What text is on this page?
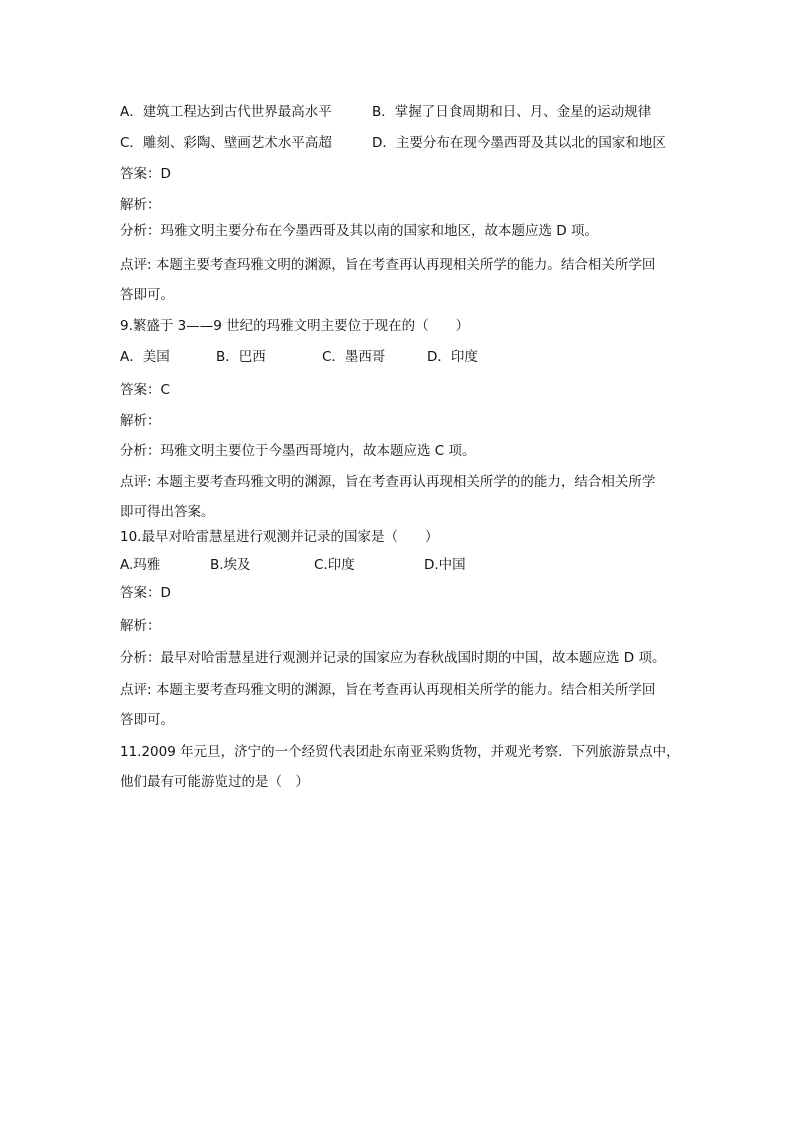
A．建筑工程达到古代世界最高水平	B．掌握了日食周期和日、月、金星的运动规律
C．雕刻、彩陶、壁画艺术水平高超	D．主要分布在现今墨西哥及其以北的国家和地区
答案：D
解析：
分析：玛雅文明主要分布在今墨西哥及其以南的国家和地区，故本题应选 D 项。
点评: 本题主要考查玛雅文明的渊源，旨在考查再认再现相关所学的能力。结合相关所学回
答即可。
9.繁盛于 3——9 世纪的玛雅文明主要位于现在的（　　）
A．美国	B．巴西	C．墨西哥	D．印度
答案：C
解析：
分析：玛雅文明主要位于今墨西哥境内，故本题应选 C 项。
点评: 本题主要考查玛雅文明的渊源，旨在考查再认再现相关所学的的能力，结合相关所学
即可得出答案。
10.最早对哈雷慧星进行观测并记录的国家是（　　）
A.玛雅	B.埃及	C.印度	D.中国
答案：D
解析：
分析：最早对哈雷慧星进行观测并记录的国家应为春秋战国时期的中国，故本题应选 D 项。
点评: 本题主要考查玛雅文明的渊源，旨在考查再认再现相关所学的能力。结合相关所学回
答即可。
11.2009 年元旦，济宁的一个经贸代表团赴东南亚采购货物，并观光考察．下列旅游景点中，
他们最有可能游览过的是（　）
